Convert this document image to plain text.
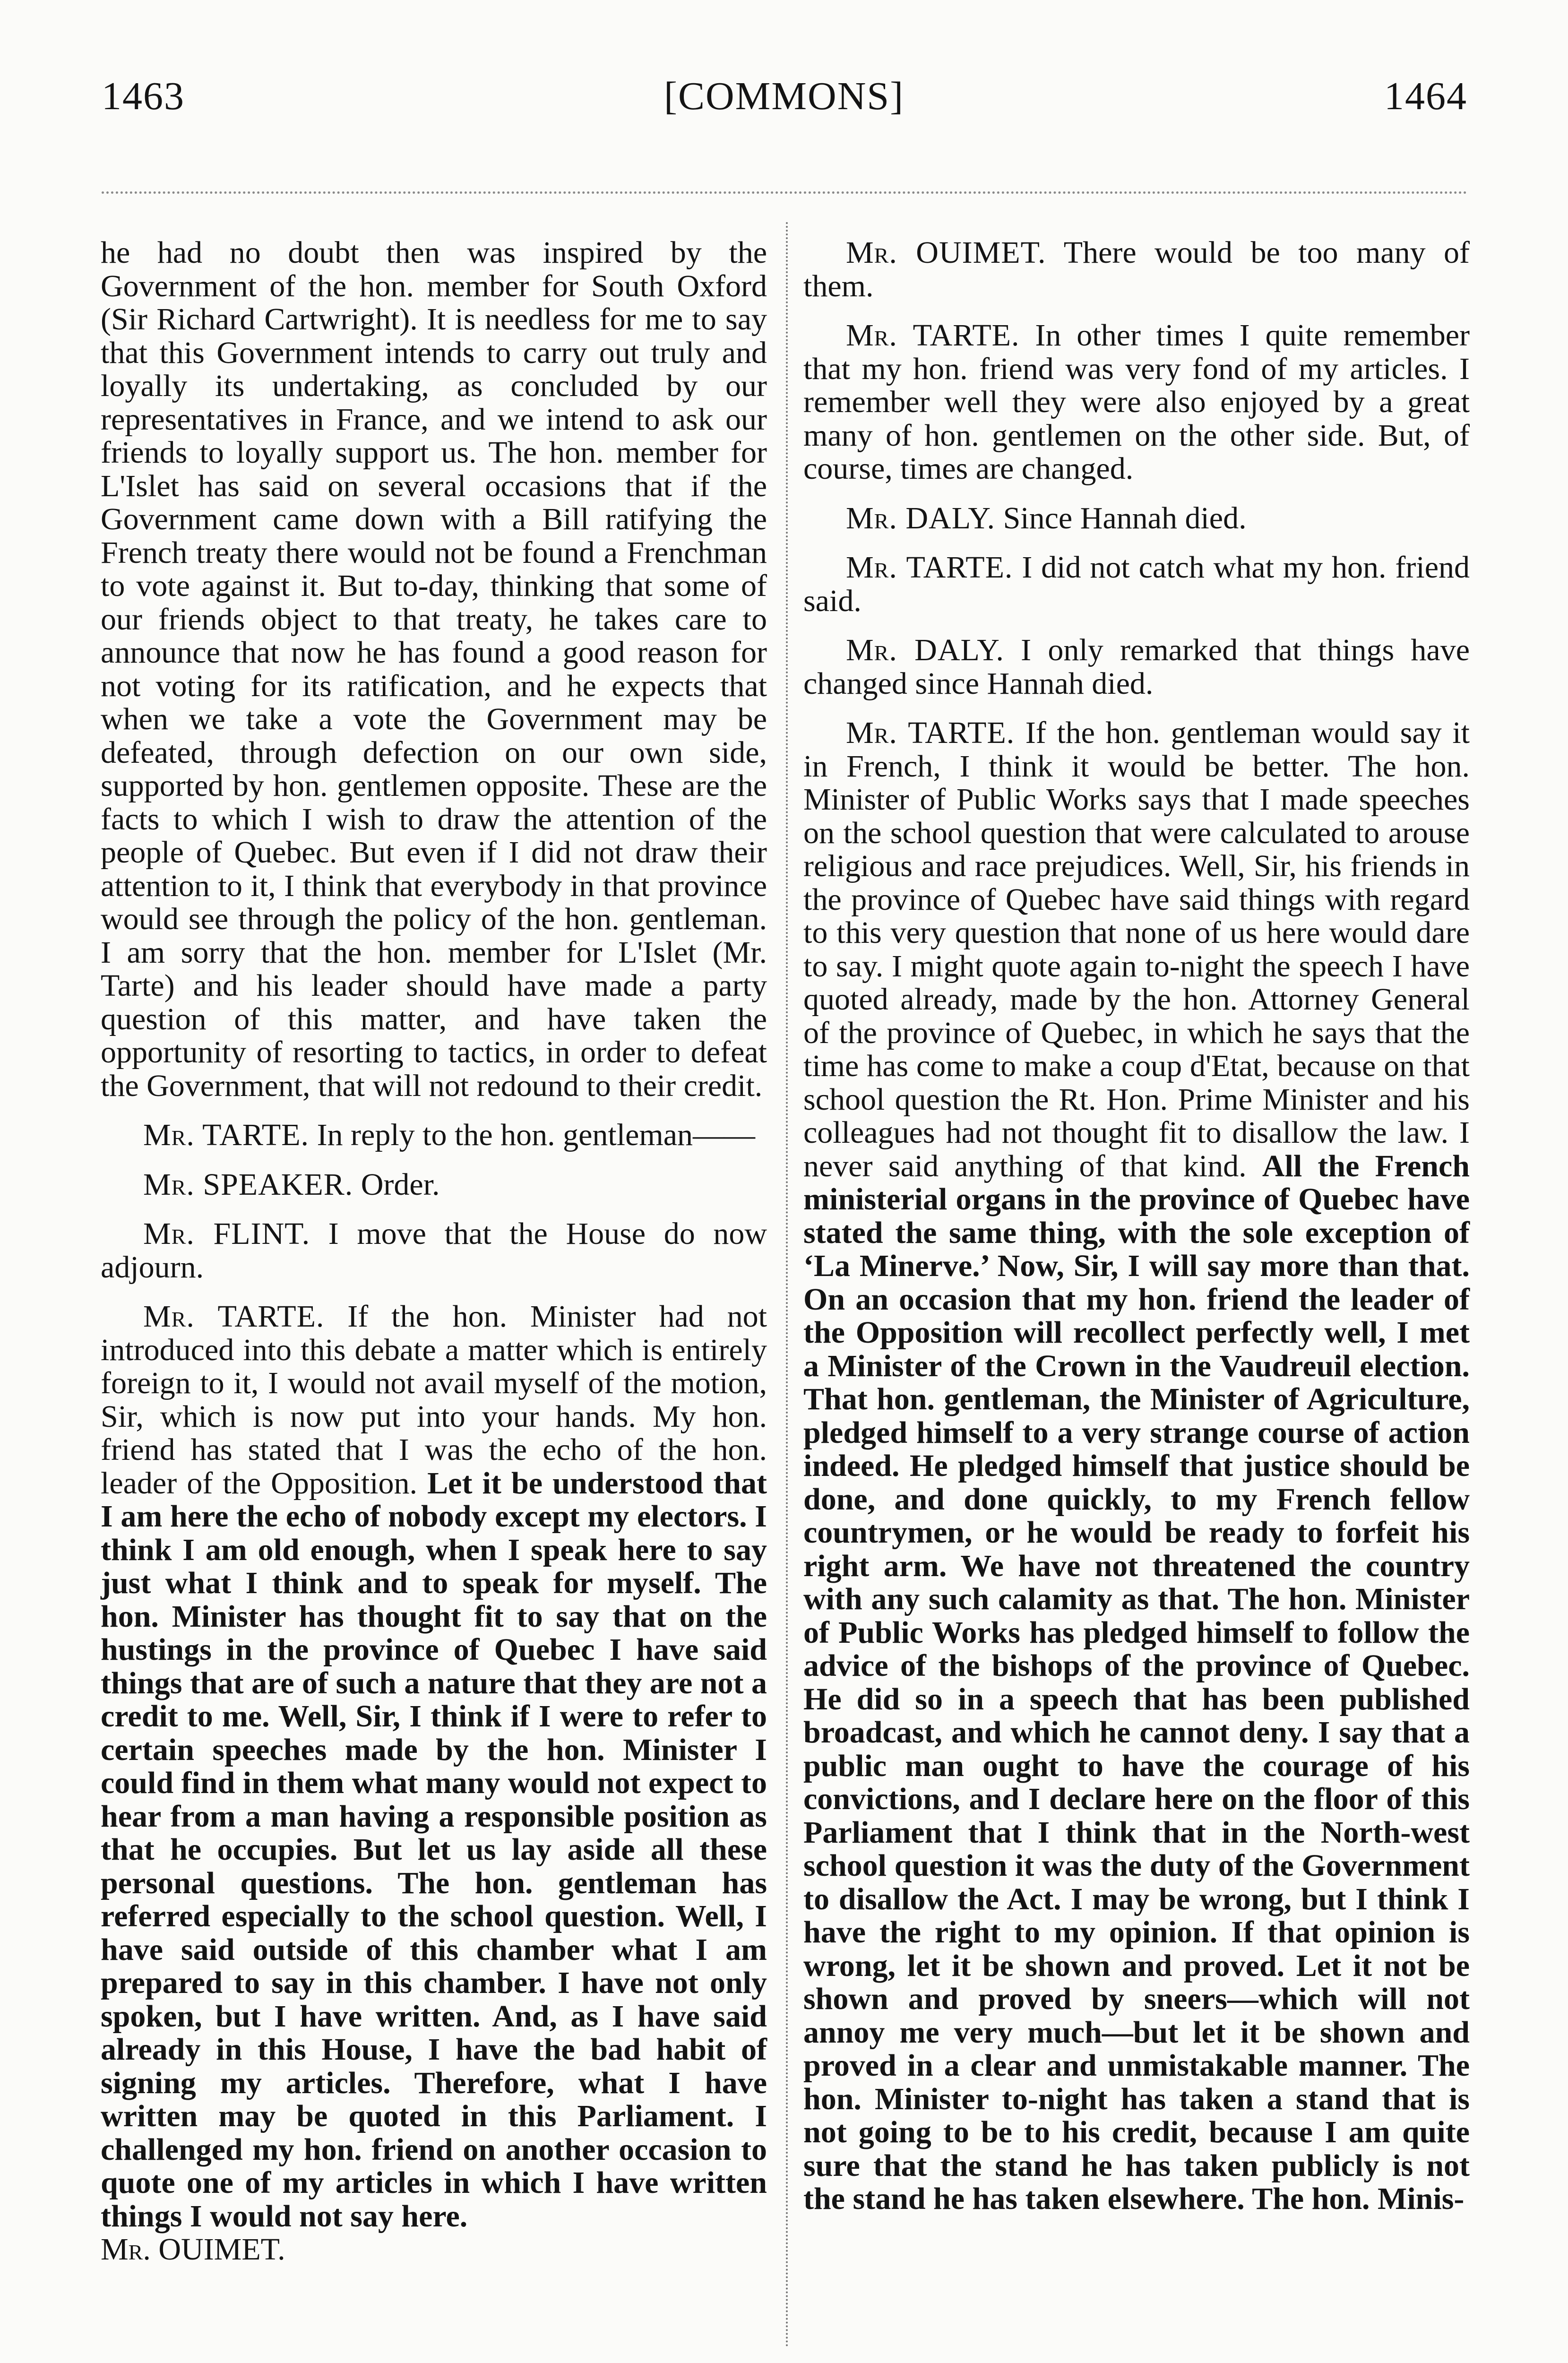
1463	[COMMONS]	1464

he had no doubt then was inspired by the Government of the hon. member for South Oxford (Sir Richard Cartwright). It is needless for me to say that this Government intends to carry out truly and loyally its undertaking, as concluded by our representatives in France, and we intend to ask our friends to loyally support us. The hon. member for L'Islet has said on several occasions that if the Government came down with a Bill ratifying the French treaty there would not be found a Frenchman to vote against it. But to-day, thinking that some of our friends object to that treaty, he takes care to announce that now he has found a good reason for not voting for its ratification, and he expects that when we take a vote the Government may be defeated, through defection on our own side, supported by hon. gentlemen opposite. These are the facts to which I wish to draw the attention of the people of Quebec. But even if I did not draw their attention to it, I think that everybody in that province would see through the policy of the hon. gentleman. I am sorry that the hon. member for L'Islet (Mr. Tarte) and his leader should have made a party question of this matter, and have taken the opportunity of resorting to tactics, in order to defeat the Government, that will not redound to their credit.

Mr. TARTE. In reply to the hon. gentleman——

Mr. SPEAKER. Order.

Mr. FLINT. I move that the House do now adjourn.

Mr. TARTE. If the hon. Minister had not introduced into this debate a matter which is entirely foreign to it, I would not avail myself of the motion, Sir, which is now put into your hands. My hon. friend has stated that I was the echo of the hon. leader of the Opposition. Let it be understood that I am here the echo of nobody except my electors. I think I am old enough, when I speak here to say just what I think and to speak for myself. The hon. Minister has thought fit to say that on the hustings in the province of Quebec I have said things that are of such a nature that they are not a credit to me. Well, Sir, I think if I were to refer to certain speeches made by the hon. Minister I could find in them what many would not expect to hear from a man having a responsible position as that he occupies. But let us lay aside all these personal questions. The hon. gentleman has referred especially to the school question. Well, I have said outside of this chamber what I am prepared to say in this chamber. I have not only spoken, but I have written. And, as I have said already in this House, I have the bad habit of signing my articles. Therefore, what I have written may be quoted in this Parliament. I challenged my hon. friend on another occasion to quote one of my articles in which I have written things I would not say here.

Mr. OUIMET.

Mr. OUIMET. There would be too many of them.

Mr. TARTE. In other times I quite remember that my hon. friend was very fond of my articles. I remember well they were also enjoyed by a great many of hon. gentlemen on the other side. But, of course, times are changed.

Mr. DALY. Since Hannah died.

Mr. TARTE. I did not catch what my hon. friend said.

Mr. DALY. I only remarked that things have changed since Hannah died.

Mr. TARTE. If the hon. gentleman would say it in French, I think it would be better. The hon. Minister of Public Works says that I made speeches on the school question that were calculated to arouse religious and race prejudices. Well, Sir, his friends in the province of Quebec have said things with regard to this very question that none of us here would dare to say. I might quote again to-night the speech I have quoted already, made by the hon. Attorney General of the province of Quebec, in which he says that the time has come to make a coup d'Etat, because on that school question the Rt. Hon. Prime Minister and his colleagues had not thought fit to disallow the law. I never said anything of that kind. All the French ministerial organs in the province of Quebec have stated the same thing, with the sole exception of ‘La Minerve.’ Now, Sir, I will say more than that. On an occasion that my hon. friend the leader of the Opposition will recollect perfectly well, I met a Minister of the Crown in the Vaudreuil election. That hon. gentleman, the Minister of Agriculture, pledged himself to a very strange course of action indeed. He pledged himself that justice should be done, and done quickly, to my French fellow countrymen, or he would be ready to forfeit his right arm. We have not threatened the country with any such calamity as that. The hon. Minister of Public Works has pledged himself to follow the advice of the bishops of the province of Quebec. He did so in a speech that has been published broadcast, and which he cannot deny. I say that a public man ought to have the courage of his convictions, and I declare here on the floor of this Parliament that I think that in the North-west school question it was the duty of the Government to disallow the Act. I may be wrong, but I think I have the right to my opinion. If that opinion is wrong, let it be shown and proved. Let it not be shown and proved by sneers—which will not annoy me very much—but let it be shown and proved in a clear and unmistakable manner. The hon. Minister to-night has taken a stand that is not going to be to his credit, because I am quite sure that the stand he has taken publicly is not the stand he has taken elsewhere. The hon. Minis-
